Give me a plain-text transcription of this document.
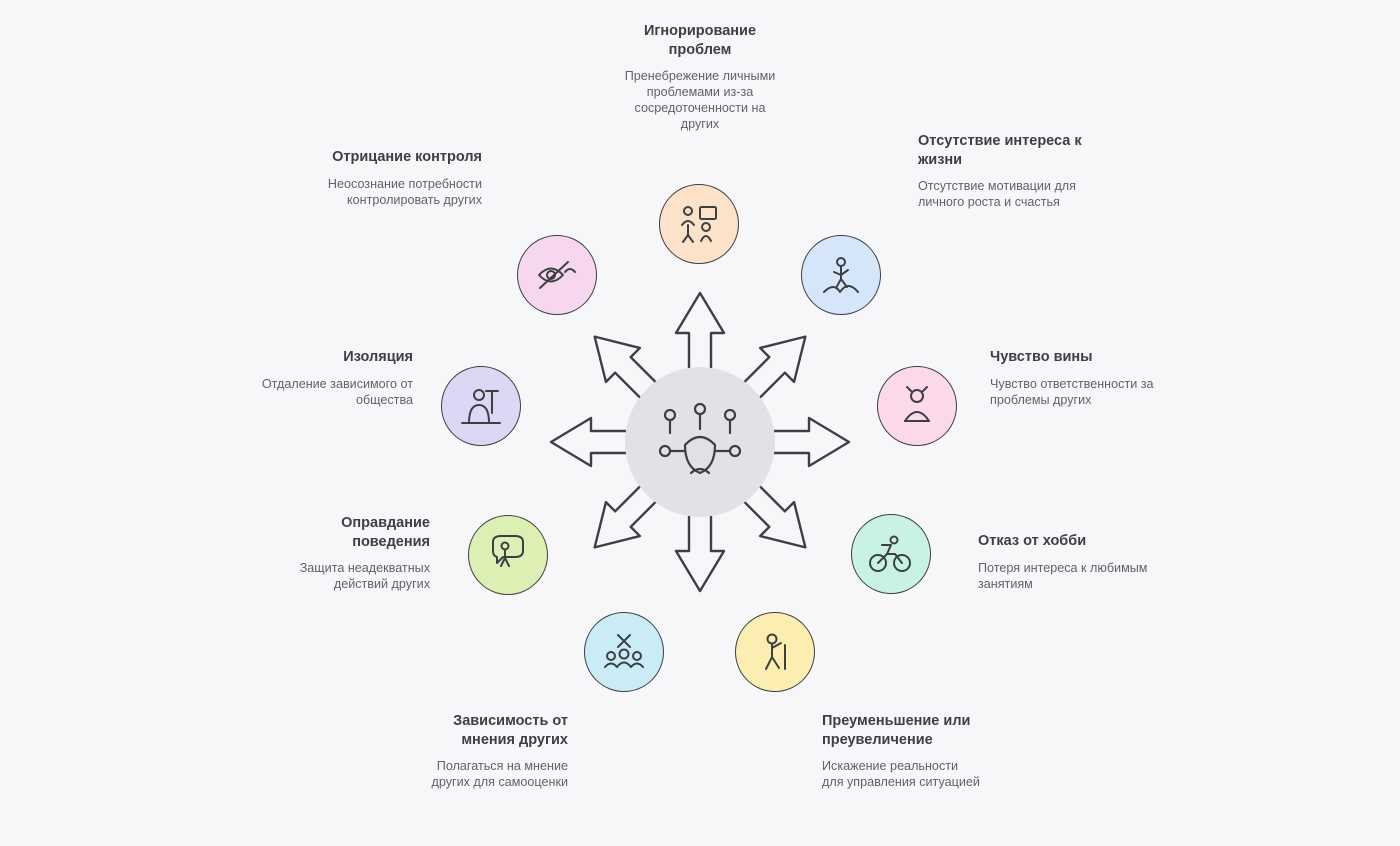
Игнорирование проблем
Пренебрежение личными проблемами из-за сосредоточенности на других
Отсутствие интереса к жизни
Отсутствие мотивации для личного роста и счастья
Чувство вины
Чувство ответственности за проблемы других
Отказ от хобби
Потеря интереса к любимым занятиям
Преуменьшение или преувеличение
Искажение реальности для управления ситуацией
Зависимость от мнения других
Полагаться на мнение других для самооценки
Оправдание поведения
Защита неадекватных действий других
Изоляция
Отдаление зависимого от общества
Отрицание контроля
Неосознание потребности контролировать других
